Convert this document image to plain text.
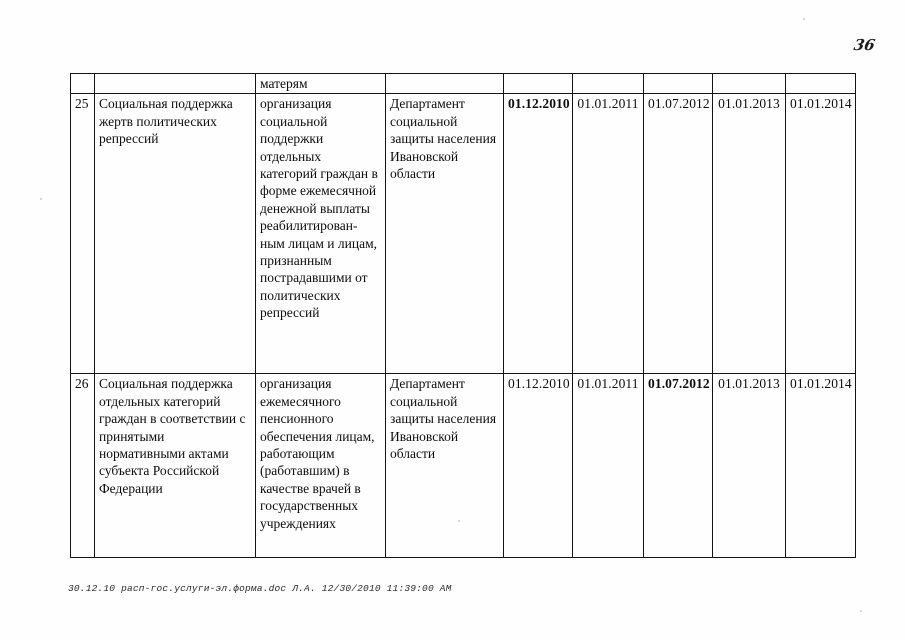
36
		матерям						
25	Социальная поддержка жертв политических репрессий	организация социальной поддержки отдельных категорий граждан в форме ежемесячной денежной выплаты реабилитирован-ным лицам и лицам, признанным пострадавшими от политических репрессий	Департамент социальной защиты населения Ивановской области	01.12.2010	01.01.2011	01.07.2012	01.01.2013	01.01.2014
26	Социальная поддержка отдельных категорий граждан в соответствии с принятыми нормативными актами субъекта Российской Федерации	организация ежемесячного пенсионного обеспечения лицам, работающим (работавшим) в качестве врачей в государственных учреждениях	Департамент социальной защиты населения Ивановской области	01.12.2010	01.01.2011	01.07.2012	01.01.2013	01.01.2014
30.12.10 расп-гос.услуги-эл.форма.doc Л.А. 12/30/2010 11:39:00 AM
